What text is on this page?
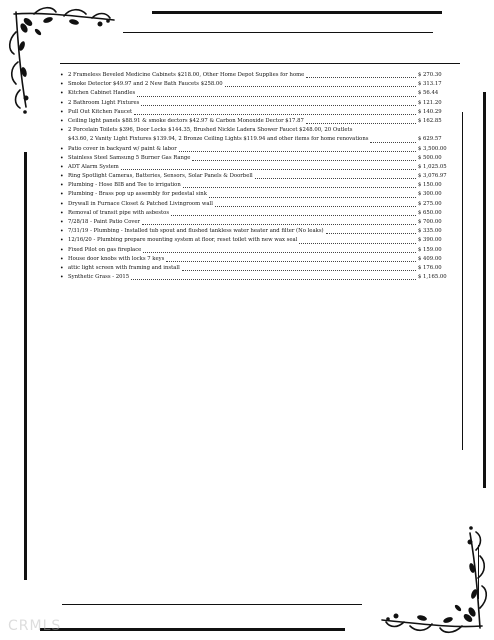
• 2 Frameless Beveled Medicine Cabinets $218.00, Other Home Depot Supplies for home	$ 270.30
• Smoke Detector $49.97 and 2 New Bath Faucets $258.00	$ 313.17
• Kitchen Cabinet Handles	$ 56.44
• 2 Bathroom Light Fixtures	$ 121.20
• Pull Out Kitchen Faucet	$ 140.29
• Ceiling light panels $88.91 & smoke dectors $42.97 & Carbon Monoxide Dector $17.87	$ 162.85
• 2 Porcelain Toilets $396, Door Locks $144.35, Brushed Nickle Ladera Shower Faucet $248.00, 20 Outlets
$43.60, 2 Vanity Light Fixtures $139.94, 2 Bronze Ceiling Lights $119.94 and other items for home renovations	$ 629.57
• Patio cover in backyard w/ paint & labor	$ 3,500.00
• Stainless Steel Samsung 5 Burner Gas Range	$ 500.00
• ADT Alarm System	$ 1,025.05
• Ring Spotlight Cameras, Batteries, Sensors, Solar Panels & Doorbell	$ 3,076.97
• Plumbing - Hose BIB and Tee to irrigation	$ 150.00
• Plumbing - Brass pop up assembly for pedestal sink	$ 300.00
• Drywall in Furnace Closet & Patched Livingroom wall	$ 275.00
• Removal of transit pipe with asbestos	$ 650.00
• 7/28/18 - Paint Patio Cover	$ 700.00
• 7/31/19 - Plumbing - Installed tub spout and flushed tankless water heater and filter (No leaks)	$ 335.00
• 12/16/20 - Plumbing prepare mounting system at floor, reset toilet with new wax seal	$ 390.00
• Fixed Pilot on gas fireplace	$ 159.00
• House door knobs with locks 7 keys	$ 409.00
• attic light screen with framing and install	$ 176.00
• Synthetic Grass - 2015	$ 1,165.00
CRMLS
